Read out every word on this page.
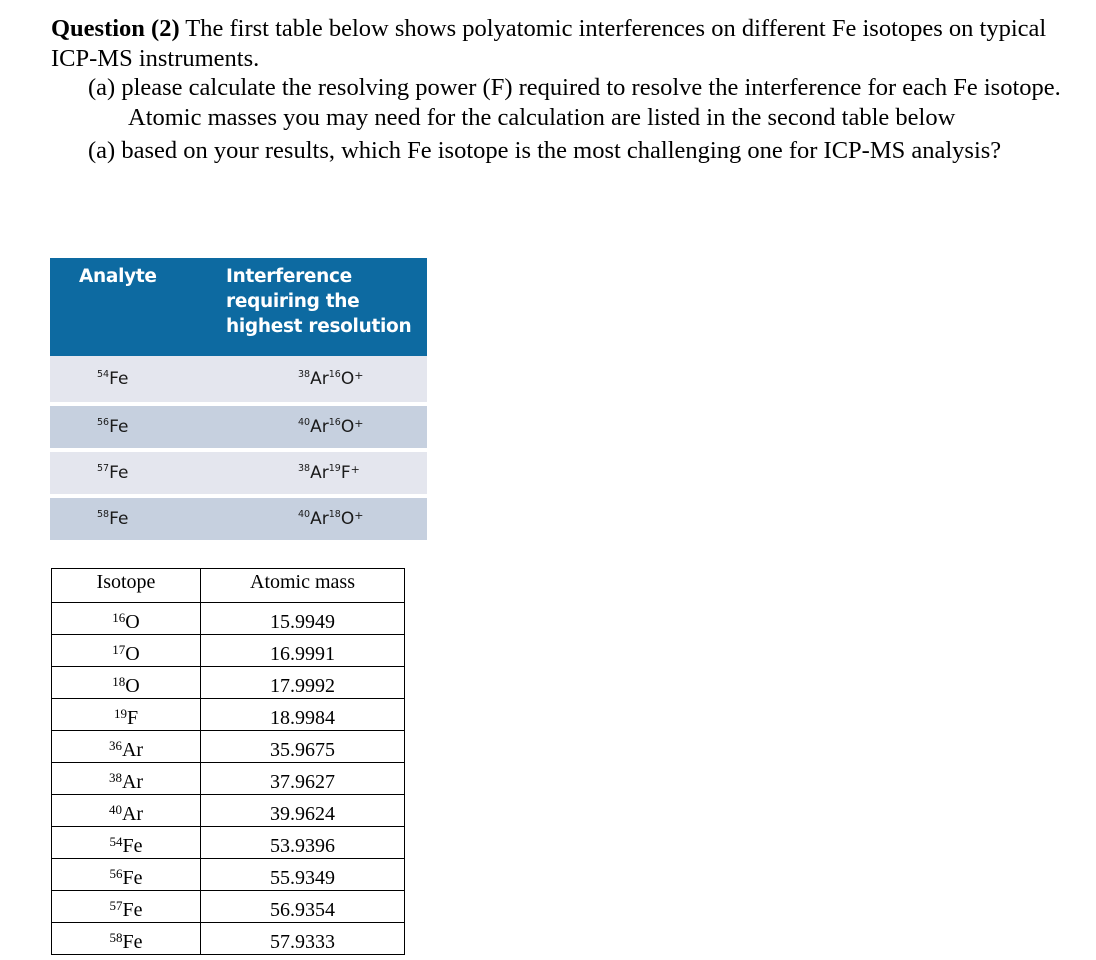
Question (2) The first table below shows polyatomic interferences on different Fe isotopes on typical ICP-MS instruments.

(a) please calculate the resolving power (F) required to resolve the interference for each Fe isotope. Atomic masses you may need for the calculation are listed in the second table below
(a) based on your results, which Fe isotope is the most challenging one for ICP-MS analysis?
Analyte	Interference requiring the highest resolution
$^{54}$Fe	$^{38}$Ar$^{16}$O+
$^{56}$Fe	$^{40}$Ar$^{16}$O+
$^{57}$Fe	$^{38}$Ar$^{19}$F+
$^{58}$Fe	$^{40}$Ar$^{18}$O+
Isotope	Atomic mass
$^{16}$O	15.9949
$^{17}$O	16.9991
$^{18}$O	17.9992
$^{19}$F	18.9984
$^{36}$Ar	35.9675
$^{38}$Ar	37.9627
$^{40}$Ar	39.9624
$^{54}$Fe	53.9396
$^{56}$Fe	55.9349
$^{57}$Fe	56.9354
$^{58}$Fe	57.9333
